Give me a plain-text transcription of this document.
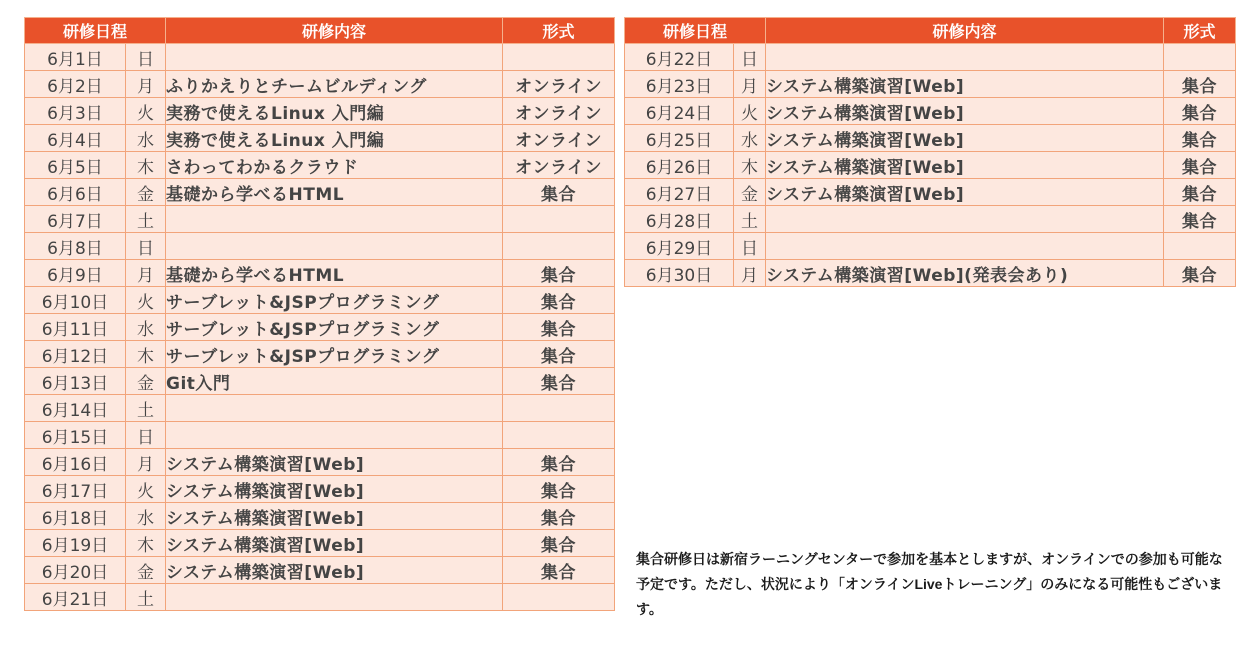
研修日程		研修内容	形式
6月1日	日		
6月2日	月	ふりかえりとチームビルディング	オンライン
6月3日	火	実務で使えるLinux 入門編	オンライン
6月4日	水	実務で使えるLinux 入門編	オンライン
6月5日	木	さわってわかるクラウド	オンライン
6月6日	金	基礎から学べるHTML	集合
6月7日	土		
6月8日	日		
6月9日	月	基礎から学べるHTML	集合
6月10日	火	サーブレット&JSPプログラミング	集合
6月11日	水	サーブレット&JSPプログラミング	集合
6月12日	木	サーブレット&JSPプログラミング	集合
6月13日	金	Git入門	集合
6月14日	土		
6月15日	日		
6月16日	月	システム構築演習[Web]	集合
6月17日	火	システム構築演習[Web]	集合
6月18日	水	システム構築演習[Web]	集合
6月19日	木	システム構築演習[Web]	集合
6月20日	金	システム構築演習[Web]	集合
6月21日	土		
研修日程		研修内容	形式
6月22日	日		
6月23日	月	システム構築演習[Web]	集合
6月24日	火	システム構築演習[Web]	集合
6月25日	水	システム構築演習[Web]	集合
6月26日	木	システム構築演習[Web]	集合
6月27日	金	システム構築演習[Web]	集合
6月28日	土		集合
6月29日	日		
6月30日	月	システム構築演習[Web](発表会あり)	集合
集合研修日は新宿ラーニングセンターで参加を基本としますが、オンラインでの参加も可能な予定です。ただし、状況により「オンラインLiveトレーニング」のみになる可能性もございます。
